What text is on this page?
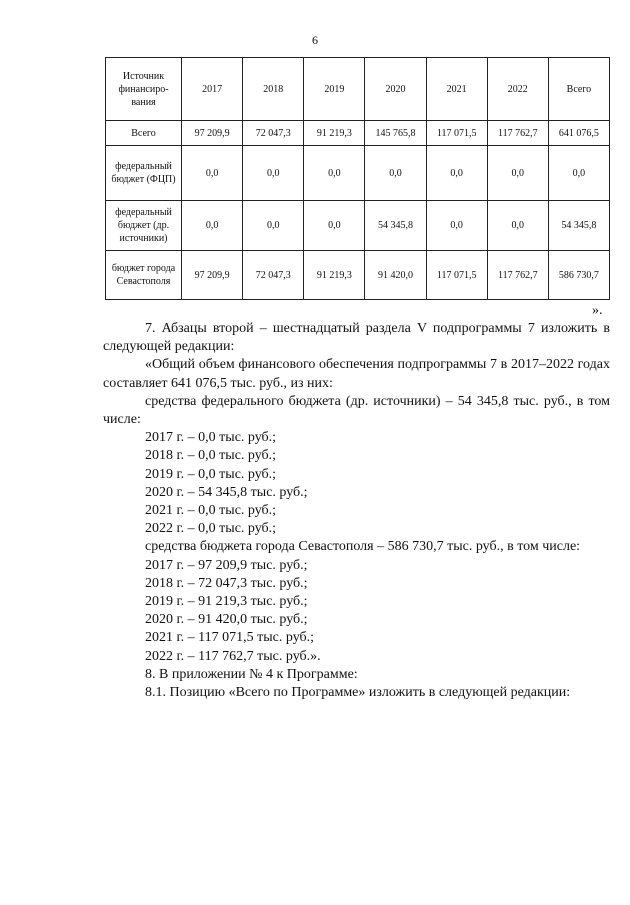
6
Источник финансиро-вания	2017	2018	2019	2020	2021	2022	Всего
Всего	97 209,9	72 047,3	91 219,3	145 765,8	117 071,5	117 762,7	641 076,5
федеральный бюджет (ФЦП)	0,0	0,0	0,0	0,0	0,0	0,0	0,0
федеральный бюджет (др. источники)	0,0	0,0	0,0	54 345,8	0,0	0,0	54 345,8
бюджет города Севастополя	97 209,9	72 047,3	91 219,3	91 420,0	117 071,5	117 762,7	586 730,7
».

7. Абзацы второй – шестнадцатый раздела V подпрограммы 7 изложить в следующей редакции:

«Общий объем финансового обеспечения подпрограммы 7 в 2017–2022 годах составляет 641 076,5 тыс. руб., из них:

средства федерального бюджета (др. источники) – 54 345,8 тыс. руб., в том числе:

2017 г. – 0,0 тыс. руб.;

2018 г. – 0,0 тыс. руб.;

2019 г. – 0,0 тыс. руб.;

2020 г. – 54 345,8 тыс. руб.;

2021 г. – 0,0 тыс. руб.;

2022 г. – 0,0 тыс. руб.;

средства бюджета города Севастополя – 586 730,7 тыс. руб., в том числе:

2017 г. – 97 209,9 тыс. руб.;

2018 г. – 72 047,3 тыс. руб.;

2019 г. – 91 219,3 тыс. руб.;

2020 г. – 91 420,0 тыс. руб.;

2021 г. – 117 071,5 тыс. руб.;

2022 г. – 117 762,7 тыс. руб.».

8. В приложении № 4 к Программе:

8.1. Позицию «Всего по Программе» изложить в следующей редакции:
